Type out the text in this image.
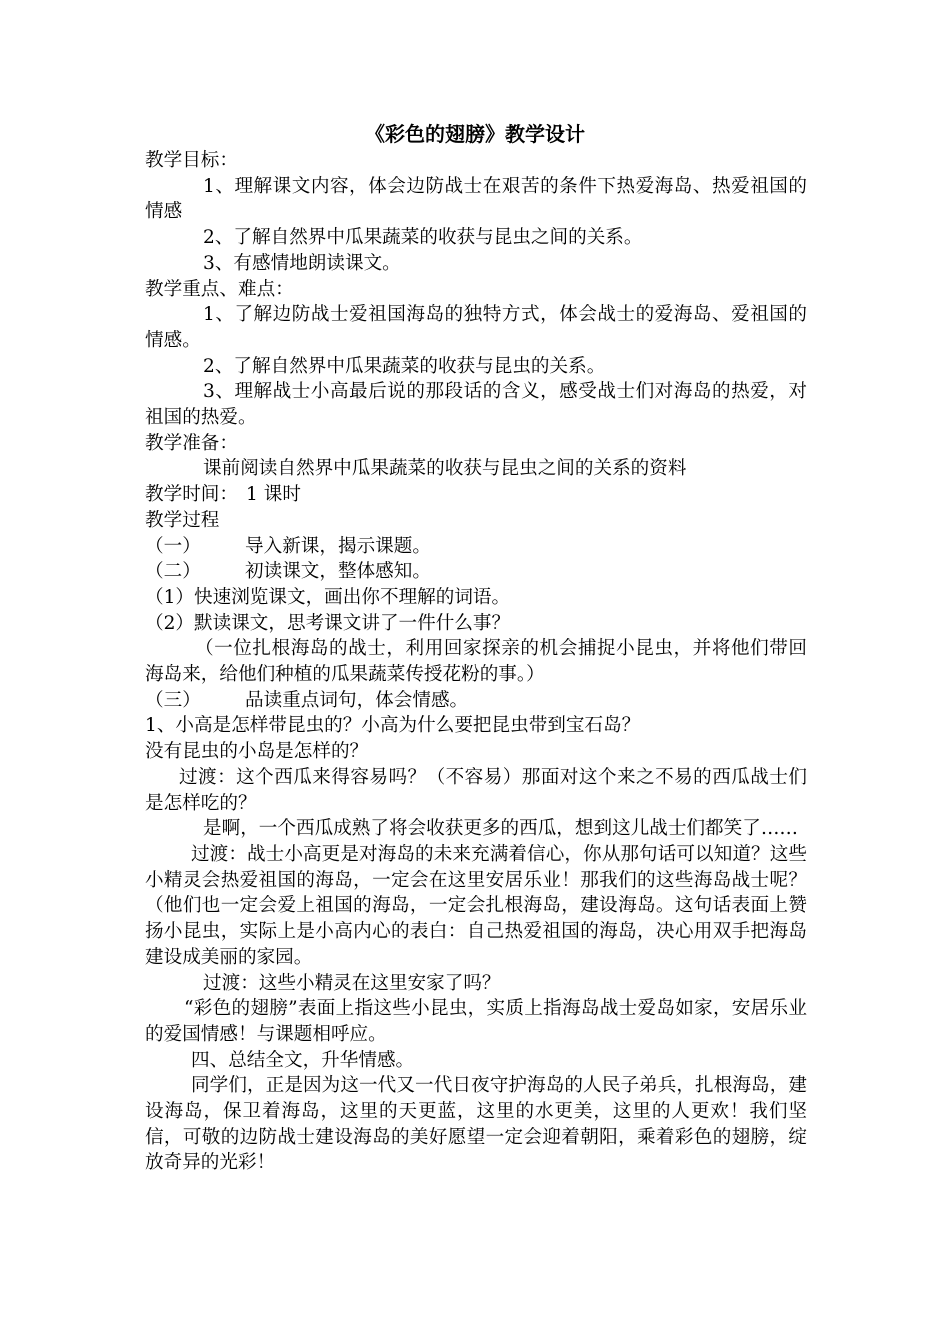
《彩色的翅膀》教学设计

教学目标：

1、理解课文内容，体会边防战士在艰苦的条件下热爱海岛、热爱祖国的情感

2、了解自然界中瓜果蔬菜的收获与昆虫之间的关系。

3、有感情地朗读课文。

教学重点、难点：

1、了解边防战士爱祖国海岛的独特方式，体会战士的爱海岛、爱祖国的情感。

2、了解自然界中瓜果蔬菜的收获与昆虫的关系。

3、理解战士小高最后说的那段话的含义，感受战士们对海岛的热爱，对祖国的热爱。

教学准备：

课前阅读自然界中瓜果蔬菜的收获与昆虫之间的关系的资料

教学时间： 1 课时

教学过程

（一） 导入新课，揭示课题。

（二） 初读课文，整体感知。

（1）快速浏览课文，画出你不理解的词语。

（2）默读课文，思考课文讲了一件什么事？

（一位扎根海岛的战士，利用回家探亲的机会捕捉小昆虫，并将他们带回海岛来，给他们种植的瓜果蔬菜传授花粉的事。）

（三） 品读重点词句，体会情感。

1、小高是怎样带昆虫的？小高为什么要把昆虫带到宝石岛？

没有昆虫的小岛是怎样的？

过渡：这个西瓜来得容易吗？（不容易）那面对这个来之不易的西瓜战士们是怎样吃的？

是啊，一个西瓜成熟了将会收获更多的西瓜，想到这儿战士们都笑了……

过渡：战士小高更是对海岛的未来充满着信心，你从那句话可以知道？这些小精灵会热爱祖国的海岛，一定会在这里安居乐业！那我们的这些海岛战士呢？（他们也一定会爱上祖国的海岛，一定会扎根海岛，建设海岛。这句话表面上赞扬小昆虫，实际上是小高内心的表白：自己热爱祖国的海岛，决心用双手把海岛建设成美丽的家园。

过渡：这些小精灵在这里安家了吗？

“彩色的翅膀”表面上指这些小昆虫，实质上指海岛战士爱岛如家，安居乐业的爱国情感！与课题相呼应。

四、总结全文，升华情感。

同学们，正是因为这一代又一代日夜守护海岛的人民子弟兵，扎根海岛，建设海岛，保卫着海岛，这里的天更蓝，这里的水更美，这里的人更欢！我们坚信，可敬的边防战士建设海岛的美好愿望一定会迎着朝阳，乘着彩色的翅膀，绽放奇异的光彩！
